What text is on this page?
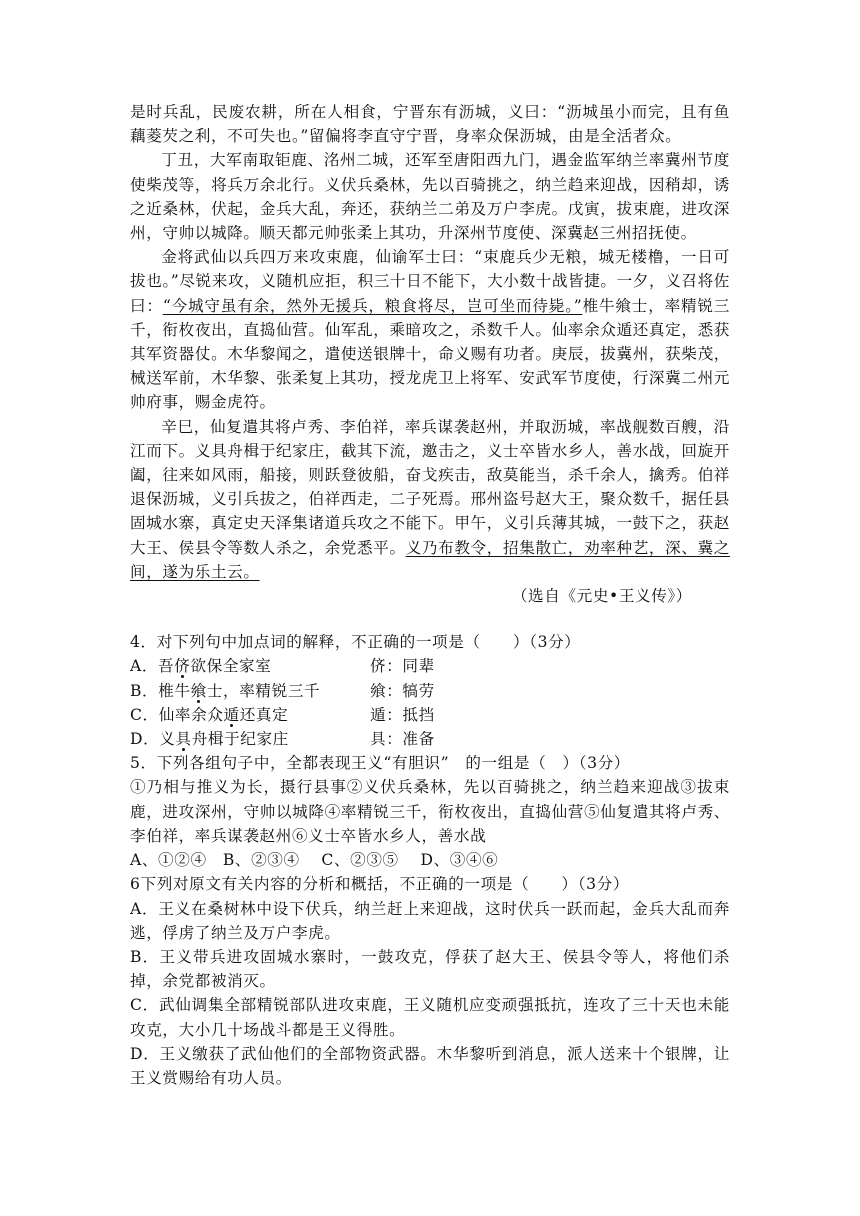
是时兵乱，民废农耕，所在人相食，宁晋东有沥城，义曰：“沥城虽小而完，且有鱼藕菱芡之利，不可失也。”留偏将李直守宁晋，身率众保沥城，由是全活者众。

丁丑，大军南取钜鹿、洺州二城，还军至唐阳西九门，遇金监军纳兰率冀州节度使柴茂等，将兵万余北行。义伏兵桑林，先以百骑挑之，纳兰趋来迎战，因稍却，诱之近桑林，伏起，金兵大乱，奔还，获纳兰二弟及万户李虎。戊寅，拔束鹿，进攻深州，守帅以城降。顺天都元帅张柔上其功，升深州节度使、深冀赵三州招抚使。

金将武仙以兵四万来攻束鹿，仙谕军士曰：“束鹿兵少无粮，城无楼橹，一日可拔也。”尽锐来攻，义随机应拒，积三十日不能下，大小数十战皆捷。一夕，义召将佐曰：“今城守虽有余，然外无援兵，粮食将尽，岂可坐而待毙。”椎牛飨士，率精锐三千，衔枚夜出，直捣仙营。仙军乱，乘暗攻之，杀数千人。仙率余众遁还真定，悉获其军资器仗。木华黎闻之，遣使送银牌十，命义赐有功者。庚辰，拔冀州，获柴茂，械送军前，木华黎、张柔复上其功，授龙虎卫上将军、安武军节度使，行深冀二州元帅府事，赐金虎符。

辛巳，仙复遣其将卢秀、李伯祥，率兵谋袭赵州，并取沥城，率战舰数百艘，沿江而下。义具舟楫于纪家庄，截其下流，邀击之，义士卒皆水乡人，善水战，回旋开阖，往来如风雨，船接，则跃登彼船，奋戈疾击，敌莫能当，杀千余人，擒秀。伯祥退保沥城，义引兵拔之，伯祥西走，二子死焉。邢州盗号赵大王，聚众数千，据任县固城水寨，真定史天泽集诸道兵攻之不能下。甲午，义引兵薄其城，一鼓下之，获赵大王、侯县令等数人杀之，余党悉平。义乃布教令，招集散亡，劝率种艺，深、冀之间，遂为乐土云。

（选自《元史•王义传》）

4．对下列句中加点词的解释，不正确的一项是（　　）（3分）

A．吾侪欲保全家室	侪：同辈
B．椎牛飨士，率精锐三千	飨：犒劳
C．仙率余众遁还真定	遁：抵挡
D．义具舟楫于纪家庄	具：准备

5．下列各组句子中，全都表现王义“有胆识”　的一组是（　）（3分）

①乃相与推义为长，摄行县事②义伏兵桑林，先以百骑挑之，纳兰趋来迎战③拔束鹿，进攻深州，守帅以城降④率精锐三千，衔枚夜出，直捣仙营⑤仙复遣其将卢秀、李伯祥，率兵谋袭赵州⑥义士卒皆水乡人，善水战

A、①②④　B、②③④　 C、②③⑤　 D、③④⑥

6下列对原文有关内容的分析和概括，不正确的一项是（　　）（3分）

A．王义在桑树林中设下伏兵，纳兰赶上来迎战，这时伏兵一跃而起，金兵大乱而奔逃，俘虏了纳兰及万户李虎。

B．王义带兵进攻固城水寨时，一鼓攻克，俘获了赵大王、侯县令等人，将他们杀掉，余党都被消灭。

C．武仙调集全部精锐部队进攻束鹿，王义随机应变顽强抵抗，连攻了三十天也未能攻克，大小几十场战斗都是王义得胜。

D．王义缴获了武仙他们的全部物资武器。木华黎听到消息，派人送来十个银牌，让王义赏赐给有功人员。
